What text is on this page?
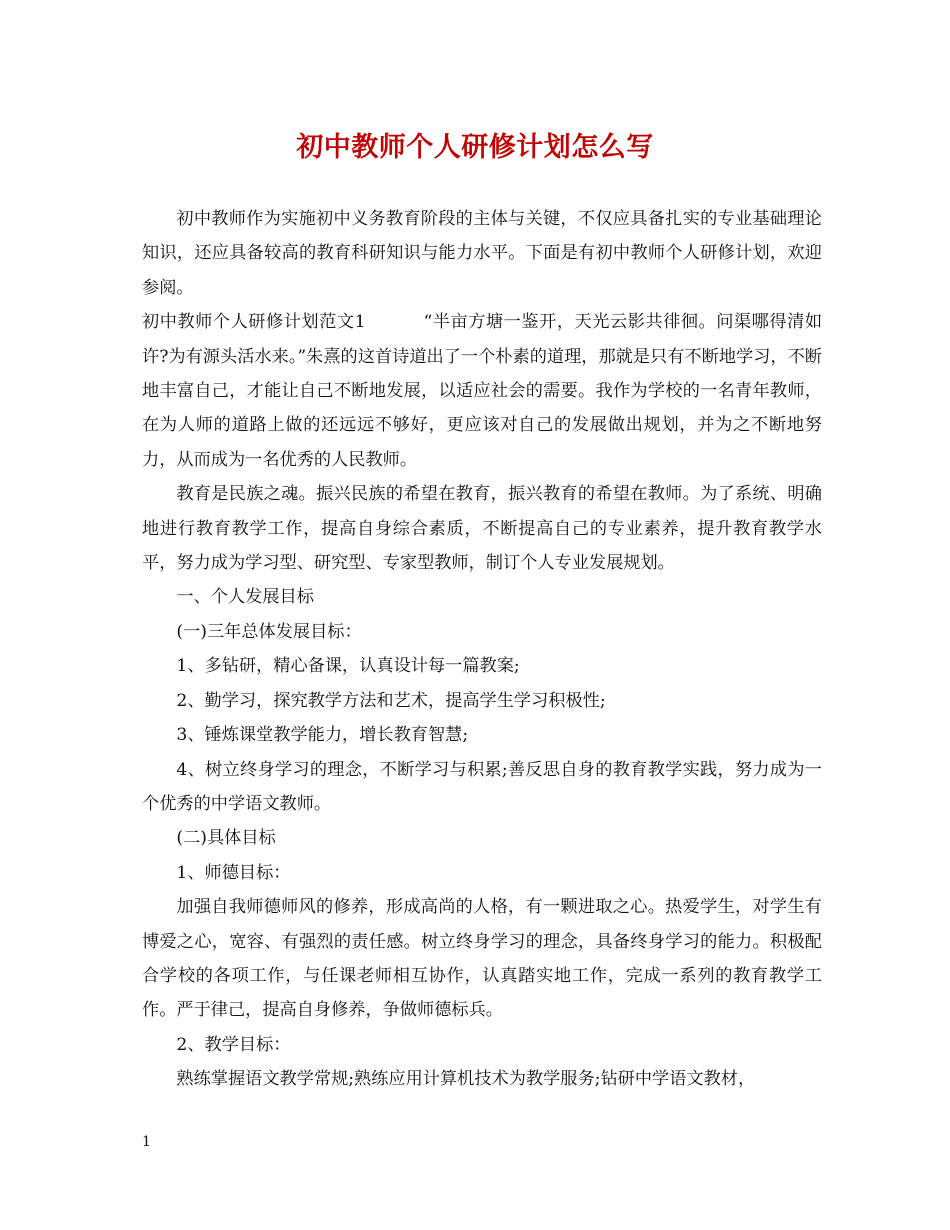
初中教师个人研修计划怎么写

初中教师作为实施初中义务教育阶段的主体与关键，不仅应具备扎实的专业基础理论知识，还应具备较高的教育科研知识与能力水平。下面是有初中教师个人研修计划，欢迎参阅。

初中教师个人研修计划范文1	“半亩方塘一鉴开，天光云影共徘徊。问渠哪得清如许?为有源头活水来。”朱熹的这首诗道出了一个朴素的道理，那就是只有不断地学习，不断地丰富自己，才能让自己不断地发展，以适应社会的需要。我作为学校的一名青年教师，在为人师的道路上做的还远远不够好，更应该对自己的发展做出规划，并为之不断地努力，从而成为一名优秀的人民教师。

教育是民族之魂。振兴民族的希望在教育，振兴教育的希望在教师。为了系统、明确地进行教育教学工作，提高自身综合素质，不断提高自己的专业素养，提升教育教学水平，努力成为学习型、研究型、专家型教师，制订个人专业发展规划。

一、个人发展目标

(一)三年总体发展目标：

1、多钻研，精心备课，认真设计每一篇教案;

2、勤学习，探究教学方法和艺术，提高学生学习积极性;

3、锤炼课堂教学能力，增长教育智慧;

4、树立终身学习的理念，不断学习与积累;善反思自身的教育教学实践，努力成为一个优秀的中学语文教师。

(二)具体目标

1、师德目标：

加强自我师德师风的修养，形成高尚的人格，有一颗进取之心。热爱学生，对学生有博爱之心，宽容、有强烈的责任感。树立终身学习的理念，具备终身学习的能力。积极配合学校的各项工作，与任课老师相互协作，认真踏实地工作，完成一系列的教育教学工作。严于律己，提高自身修养，争做师德标兵。

2、教学目标：

熟练掌握语文教学常规;熟练应用计算机技术为教学服务;钻研中学语文教材，

1
